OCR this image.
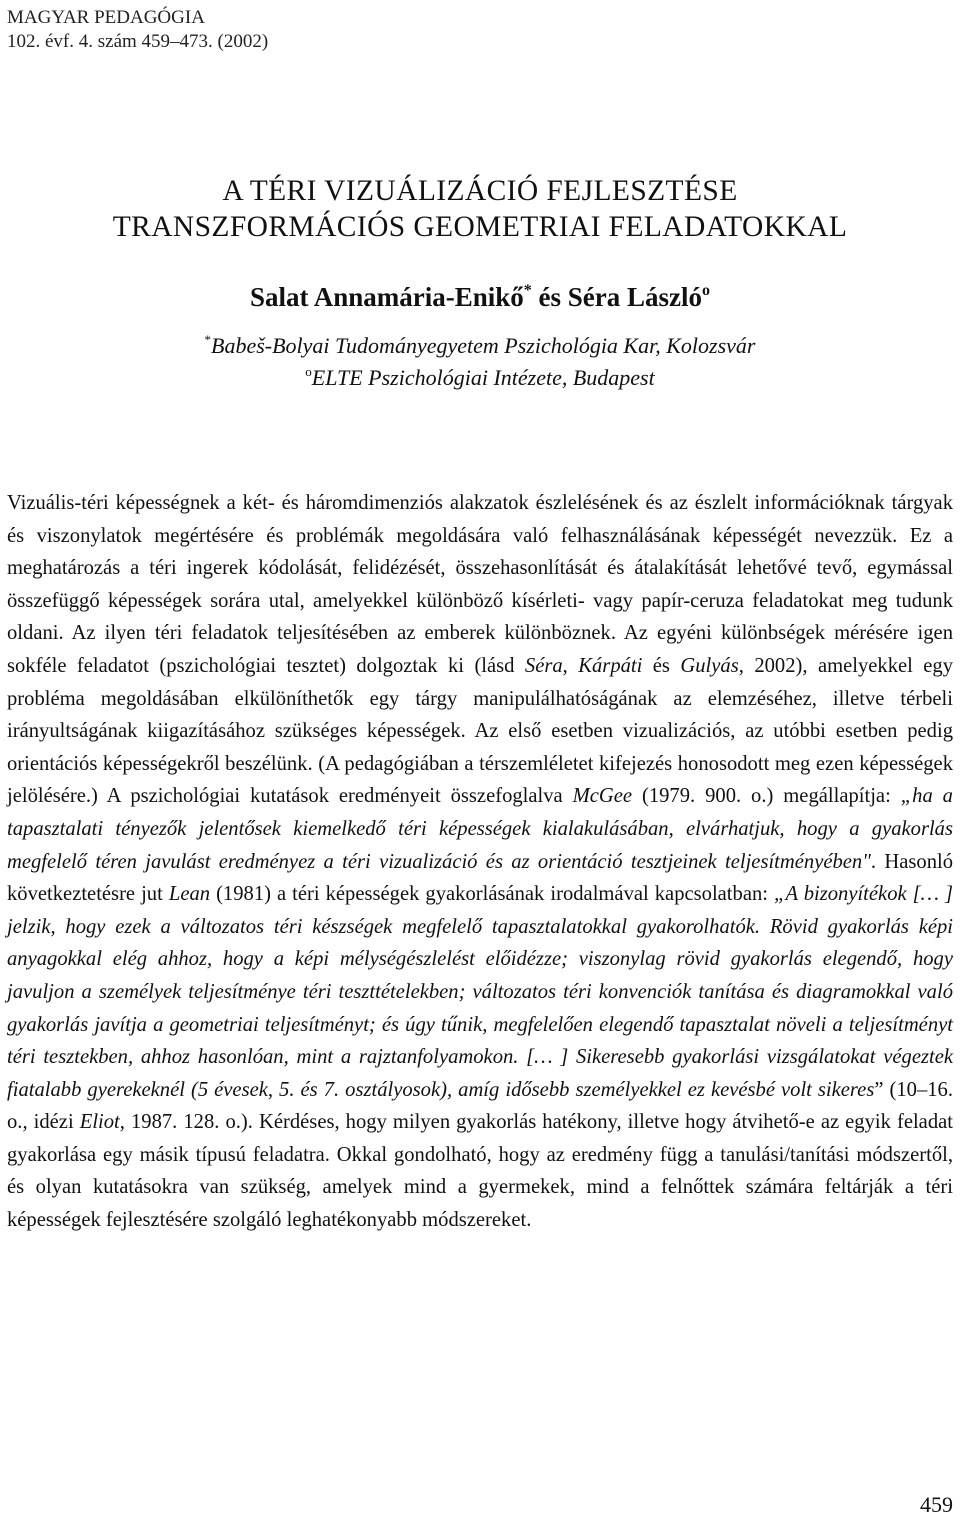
MAGYAR PEDAGÓGIA
102. évf. 4. szám 459–473. (2002)
A TÉRI VIZUÁLIZÁCIÓ FEJLESZTÉSE
TRANSZFORMÁCIÓS GEOMETRIAI FELADATOKKAL
Salat Annamária-Enikő* és Séra László$^o$
*Babeš-Bolyai Tudományegyetem Pszichológia Kar, Kolozsvár
$^o$ELTE Pszichológiai Intézete, Budapest

Vizuális-téri képességnek a két- és háromdimenziós alakzatok észlelésének és az észlelt információknak tárgyak és viszonylatok megértésére és problémák megoldására való felhasználásának képességét nevezzük. Ez a meghatározás a téri ingerek kódolását, felidézését, összehasonlítását és átalakítását lehetővé tevő, egymással összefüggő képességek sorára utal, amelyekkel különböző kísérleti- vagy papír-ceruza feladatokat meg tudunk oldani. Az ilyen téri feladatok teljesítésében az emberek különböznek. Az egyéni különbségek mérésére igen sokféle feladatot (pszichológiai tesztet) dolgoztak ki (lásd Séra, Kárpáti és Gulyás, 2002), amelyekkel egy probléma megoldásában elkülöníthetők egy tárgy manipulálhatóságának az elemzéséhez, illetve térbeli irányultságának kiigazításához szükséges képességek. Az első esetben vizualizációs, az utóbbi esetben pedig orientációs képességekről beszélünk. (A pedagógiában a térszemléletet kifejezés honosodott meg ezen képességek jelölésére.) A pszichológiai kutatások eredményeit összefoglalva McGee (1979. 900. o.) megállapítja: „ha a tapasztalati tényezők jelentősek kiemelkedő téri képességek kialakulásában, elvárhatjuk, hogy a gyakorlás megfelelő téren javulást eredményez a téri vizualizáció és az orientáció tesztjeinek teljesítményében". Hasonló következtetésre jut Lean (1981) a téri képességek gyakorlásának irodalmával kapcsolatban: „A bizonyítékok [… ] jelzik, hogy ezek a változatos téri készségek megfelelő tapasztalatokkal gyakorolhatók. Rövid gyakorlás képi anyagokkal elég ahhoz, hogy a képi mélységészlelést előidézze; viszonylag rövid gyakorlás elegendő, hogy javuljon a személyek teljesítménye téri teszttételekben; változatos téri konvenciók tanítása és diagramokkal való gyakorlás javítja a geometriai teljesítményt; és úgy tűnik, megfelelően elegendő tapasztalat növeli a teljesítményt téri tesztekben, ahhoz hasonlóan, mint a rajztanfolyamokon. [… ] Sikeresebb gyakorlási vizsgálatokat végeztek fiatalabb gyerekeknél (5 évesek, 5. és 7. osztályosok), amíg idősebb személyekkel ez kevésbé volt sikeres” (10–16. o., idézi Eliot, 1987. 128. o.). Kérdéses, hogy milyen gyakorlás hatékony, illetve hogy átvihető-e az egyik feladat gyakorlása egy másik típusú feladatra. Okkal gondolható, hogy az eredmény függ a tanulási/tanítási módszertől, és olyan kutatásokra van szükség, amelyek mind a gyermekek, mind a felnőttek számára feltárják a téri képességek fejlesztésére szolgáló leghatékonyabb módszereket.

459
